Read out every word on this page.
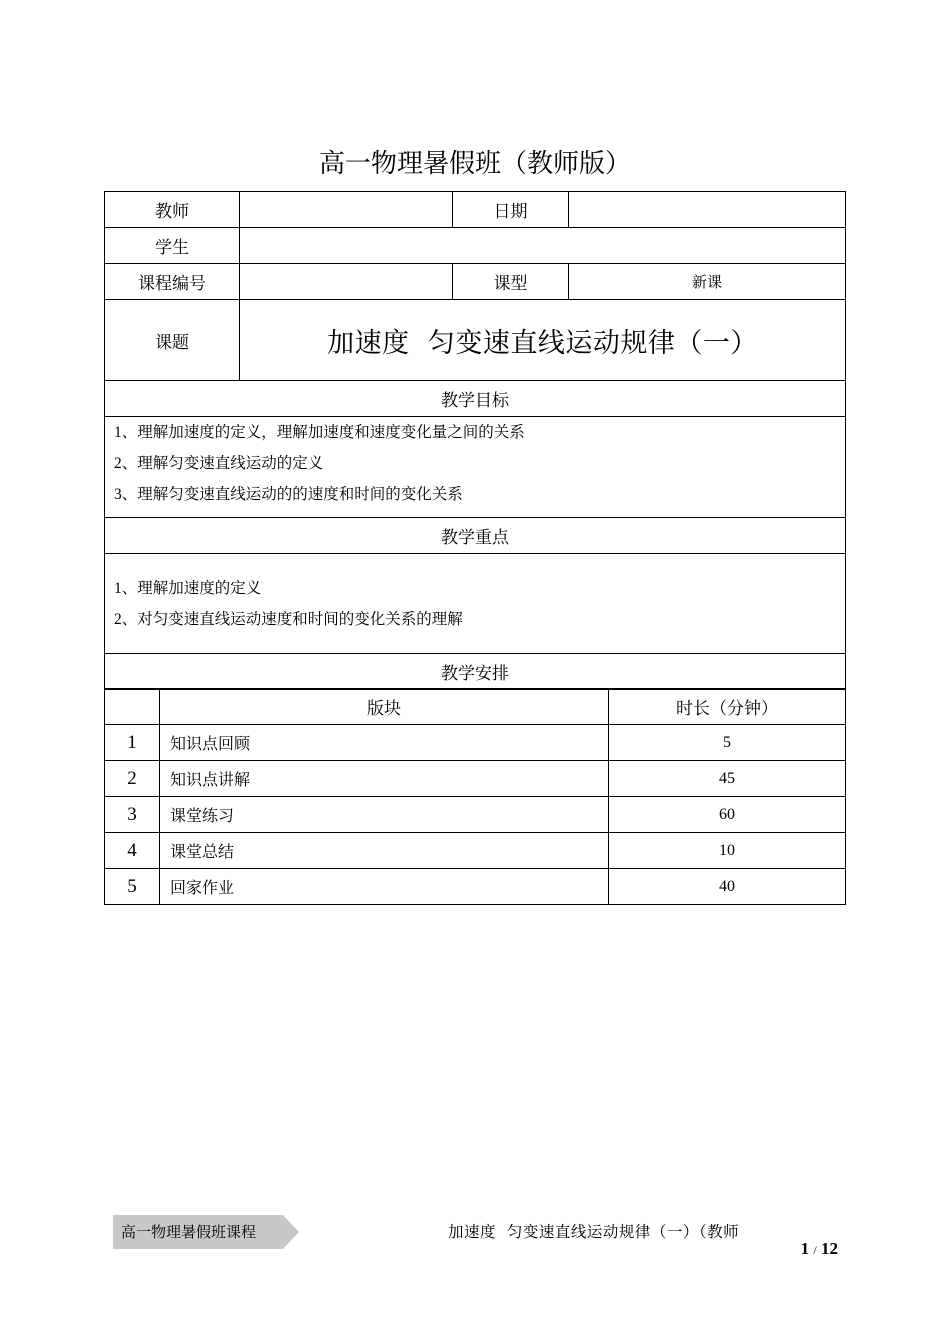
高一物理暑假班（教师版）
教师		日期	
学生			
课程编号		课型	新课
课题	加速度  匀变速直线运动规律（一）		
教学目标			

1、理解加速度的定义，理解加速度和速度变化量之间的关系
2、理解匀变速直线运动的定义
3、理解匀变速直线运动的的速度和时间的变化关系			

教学重点			

1、理解加速度的定义
2、对匀变速直线运动速度和时间的变化关系的理解			

教学安排			
	版块	时长（分钟）
1	知识点回顾	5
2	知识点讲解	45
3	课堂练习	60
4	课堂总结	10
5	回家作业	40
高一物理暑假班课程	加速度  匀变速直线运动规律（一）（教师
1 / 12
